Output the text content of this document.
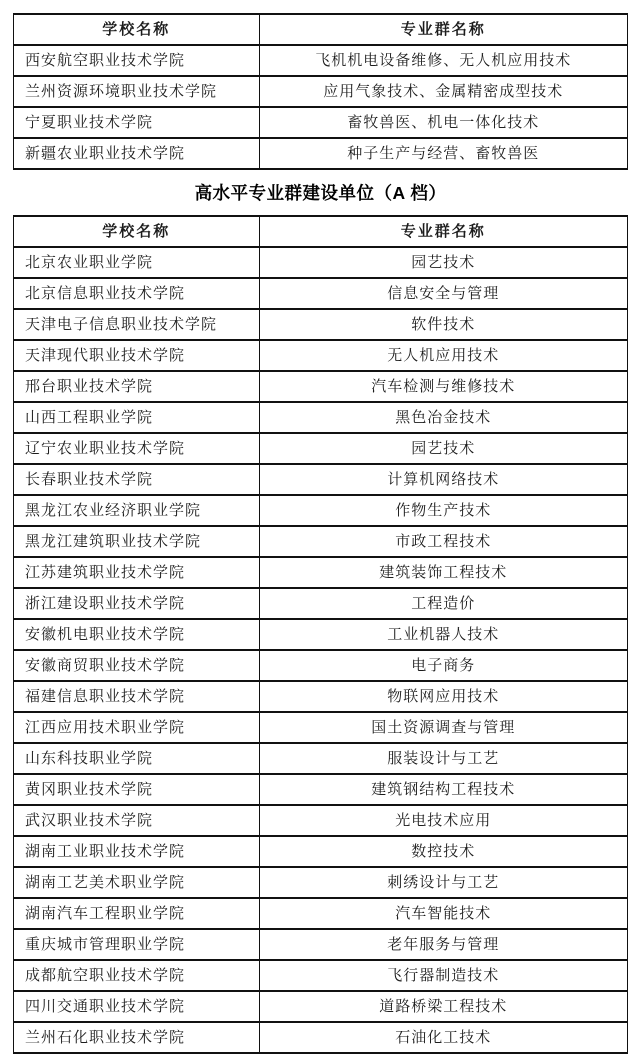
学校名称	专业群名称
西安航空职业技术学院	飞机机电设备维修、无人机应用技术
兰州资源环境职业技术学院	应用气象技术、金属精密成型技术
宁夏职业技术学院	畜牧兽医、机电一体化技术
新疆农业职业技术学院	种子生产与经营、畜牧兽医
高水平专业群建设单位（A 档）
学校名称	专业群名称
北京农业职业学院	园艺技术
北京信息职业技术学院	信息安全与管理
天津电子信息职业技术学院	软件技术
天津现代职业技术学院	无人机应用技术
邢台职业技术学院	汽车检测与维修技术
山西工程职业学院	黑色冶金技术
辽宁农业职业技术学院	园艺技术
长春职业技术学院	计算机网络技术
黑龙江农业经济职业学院	作物生产技术
黑龙江建筑职业技术学院	市政工程技术
江苏建筑职业技术学院	建筑装饰工程技术
浙江建设职业技术学院	工程造价
安徽机电职业技术学院	工业机器人技术
安徽商贸职业技术学院	电子商务
福建信息职业技术学院	物联网应用技术
江西应用技术职业学院	国土资源调查与管理
山东科技职业学院	服装设计与工艺
黄冈职业技术学院	建筑钢结构工程技术
武汉职业技术学院	光电技术应用
湖南工业职业技术学院	数控技术
湖南工艺美术职业学院	刺绣设计与工艺
湖南汽车工程职业学院	汽车智能技术
重庆城市管理职业学院	老年服务与管理
成都航空职业技术学院	飞行器制造技术
四川交通职业技术学院	道路桥梁工程技术
兰州石化职业技术学院	石油化工技术
